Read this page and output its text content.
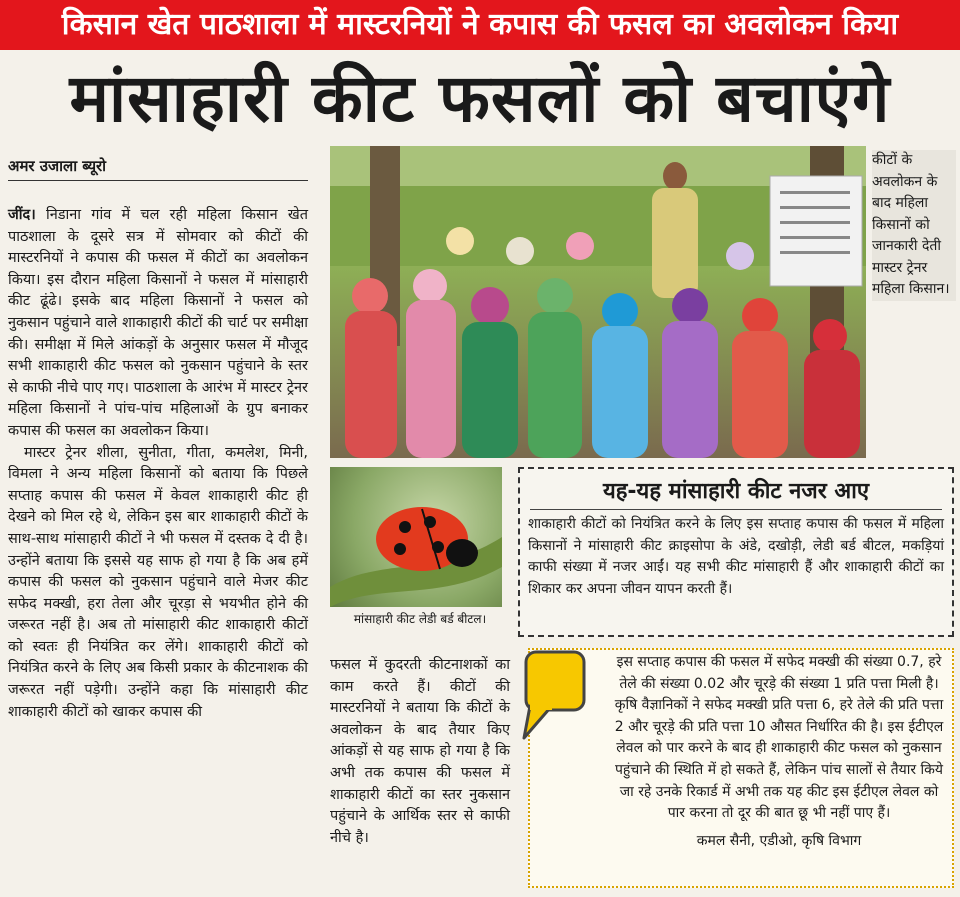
किसान खेत पाठशाला में मास्टरनियों ने कपास की फसल का अवलोकन किया
मांसाहारी कीट फसलों को बचाएंगे
अमर उजाला ब्यूरो

जींद। निडाना गांव में चल रही महिला किसान खेत पाठशाला के दूसरे सत्र में सोमवार को कीटों की मास्टरनियों ने कपास की फसल में कीटों का अवलोकन किया। इस दौरान महिला किसानों ने फसल में मांसाहारी कीट ढूंढे। इसके बाद महिला किसानों ने फसल को नुकसान पहुंचाने वाले शाकाहारी कीटों की चार्ट पर समीक्षा की। समीक्षा में मिले आंकड़ों के अनुसार फसल में मौजूद सभी शाकाहारी कीट फसल को नुकसान पहुंचाने के स्तर से काफी नीचे पाए गए। पाठशाला के आरंभ में मास्टर ट्रेनर महिला किसानों ने पांच-पांच महिलाओं के ग्रुप बनाकर कपास की फसल का अवलोकन किया।

मास्टर ट्रेनर शीला, सुनीता, गीता, कमलेश, मिनी, विमला ने अन्य महिला किसानों को बताया कि पिछले सप्ताह कपास की फसल में केवल शाकाहारी कीट ही देखने को मिल रहे थे, लेकिन इस बार शाकाहारी कीटों के साथ-साथ मांसाहारी कीटों ने भी फसल में दस्तक दे दी है। उन्होंने बताया कि इससे यह साफ हो गया है कि अब हमें कपास की फसल को नुकसान पहुंचाने वाले मेजर कीट सफेद मक्खी, हरा तेला और चूरड़ा से भयभीत होने की जरूरत नहीं है। अब तो मांसाहारी कीट शाकाहारी कीटों को स्वतः ही नियंत्रित कर लेंगे। शाकाहारी कीटों को नियंत्रित करने के लिए अब किसी प्रकार के कीटनाशक की जरूरत नहीं पड़ेगी। उन्होंने कहा कि मांसाहारी कीट शाकाहारी कीटों को खाकर कपास की

कीटों के अवलोकन के बाद महिला किसानों को जानकारी देती मास्टर ट्रेनर महिला किसान।
मांसाहारी कीट लेडी बर्ड बीटल।

फसल में कुदरती कीटनाशकों का काम करते हैं। कीटों की मास्टरनियों ने बताया कि कीटों के अवलोकन के बाद तैयार किए आंकड़ों से यह साफ हो गया है कि अभी तक कपास की फसल में शाकाहारी कीटों का स्तर नुकसान पहुंचाने के आर्थिक स्तर से काफी नीचे है।

यह-यह मांसाहारी कीट नजर आए
शाकाहारी कीटों को नियंत्रित करने के लिए इस सप्ताह कपास की फसल में महिला किसानों ने मांसाहारी कीट क्राइसोपा के अंडे, दखोड़ी, लेडी बर्ड बीटल, मकड़ियां काफी संख्या में नजर आईं। यह सभी कीट मांसाहारी हैं और शाकाहारी कीटों का शिकार कर अपना जीवन यापन करती हैं।
इस सप्ताह कपास की फसल में सफेद मक्खी की संख्या 0.7, हरे तेले की संख्या 0.02 और चूरड़े की संख्या 1 प्रति पत्ता मिली है। कृषि वैज्ञानिकों ने सफेद मक्खी प्रति पत्ता 6, हरे तेले की प्रति पत्ता 2 और चूरड़े की प्रति पत्ता 10 औसत निर्धारित की है। इस ईटीएल लेवल को पार करने के बाद ही शाकाहारी कीट फसल को नुकसान पहुंचाने की स्थिति में हो सकते हैं, लेकिन पांच सालों से तैयार किये जा रहे उनके रिकार्ड में अभी तक यह कीट इस ईटीएल लेवल को पार करना तो दूर की बात छू भी नहीं पाए हैं।
कमल सैनी, एडीओ, कृषि विभाग
